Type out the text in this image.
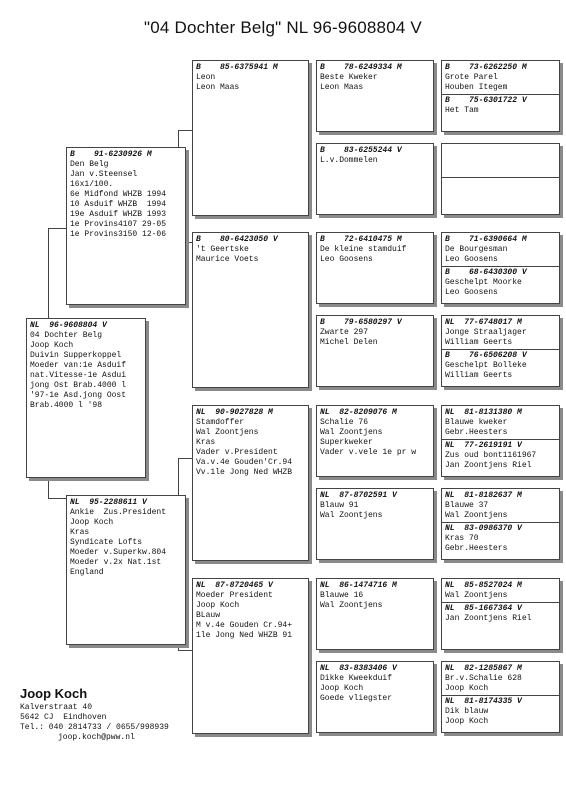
"04 Dochter Belg" NL 96-9608804 V
NL  96-9608804 V
04 Dochter Belg
Joop Koch
Duivin Supperkoppel
Moeder van:1e Asduif
nat.Vitesse-1e Asdui
jong Ost Brab.4000 l
'97-1e Asd.jong Oost
Brab.4000 l '98
B    91-6230926 M
Den Belg
Jan v.Steensel
16x1/100.
6e Midfond WHZB 1994
10 Asduif WHZB  1994
19e Asduif WHZB 1993
1e Provins4107 29-05
1e Provins3150 12-06
NL  95-2288611 V
Ankie  Zus.President
Joop Koch
Kras
Syndicate Lofts
Moeder v.Superkw.804
Moeder v.2x Nat.1st
England
B    85-6375941 M
Leon
Leon Maas
B    80-6423050 V
't Geertske
Maurice Voets
NL  90-9027828 M
Stamdoffer
Wal Zoontjens
Kras
Vader v.President
Va.v.4e Gouden'Cr.94
Vv.1le Jong Ned WHZB
NL  87-8720465 V
Moeder President
Joop Koch
BLauw
M v.4e Gouden Cr.94+
1le Jong Ned WHZB 91
B    78-6249334 M
Beste Kweker
Leon Maas
B    83-6255244 V
L.v.Dommelen
B    72-6410475 M
De kleine stamduif
Leo Goosens
B    79-6580297 V
Zwarte 297
Michel Delen
NL  82-8209076 M
Schalie 76
Wal Zoontjens
Superkweker
Vader v.vele 1e pr w
NL  87-8702591 V
Blauw 91
Wal Zoontjens
NL  86-1474716 M
Blauwe 16
Wal Zoontjens
NL  83-8383406 V
Dikke Kweekduif
Joop Koch
Goede vliegster
B    73-6262250 M
Grote Parel
Houben Itegem
B    75-6301722 V
Het Tam
B    71-6390664 M
De Bourgesman
Leo Goosens
B    68-6430300 V
Geschelpt Moorke
Leo Goosens
NL  77-6748017 M
Jonge Straaljager
William Geerts
B    76-6506208 V
Geschelpt Bolleke
William Geerts
NL  81-8131380 M
Blauwe kweker
Gebr.Heesters
NL  77-2619191 V
Zus oud bont1161967
Jan Zoontjens Riel
NL  81-8182637 M
Blauwe 37
Wal Zoontjens
NL  83-0986370 V
Kras 70
Gebr.Heesters
NL  85-8527024 M
Wal Zoontjens
NL  85-1667364 V
Jan Zoontjens Riel
NL  82-1285867 M
Br.v.Schalie 628
Joop Koch
NL  81-8174335 V
Dik blauw
Joop Koch
Joop Koch
Kalverstraat 40
5642 CJ  Eindhoven
Tel.: 040 2814733 / 0655/998939
joop.koch@pww.nl
